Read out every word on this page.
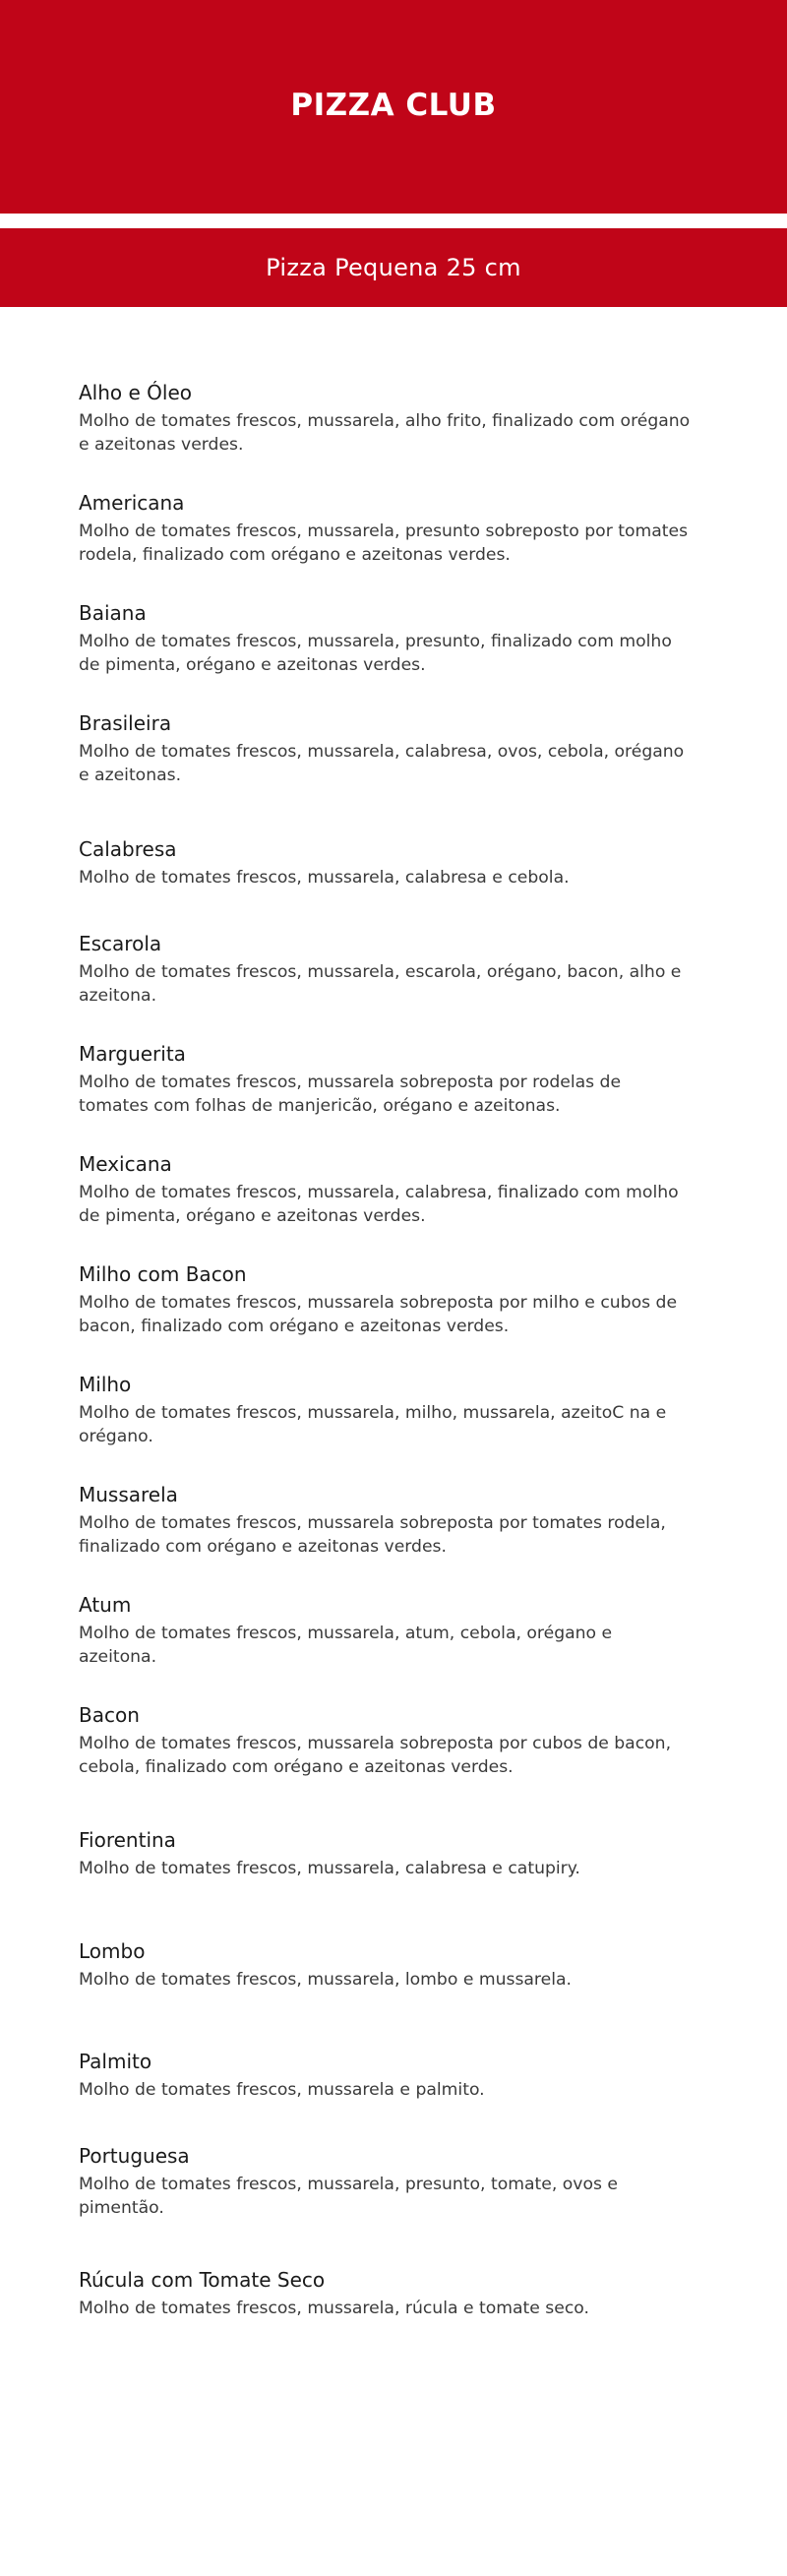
PIZZA CLUB
Pizza Pequena 25 cm
Alho e Óleo
Molho de tomates frescos, mussarela, alho frito, finalizado com orégano e azeitonas verdes.
Americana
Molho de tomates frescos, mussarela, presunto sobreposto por tomates rodela, finalizado com orégano e azeitonas verdes.
Baiana
Molho de tomates frescos, mussarela, presunto, finalizado com molho de pimenta, orégano e azeitonas verdes.
Brasileira
Molho de tomates frescos, mussarela, calabresa, ovos, cebola, orégano e azeitonas.
Calabresa
Molho de tomates frescos, mussarela, calabresa e cebola.
Escarola
Molho de tomates frescos, mussarela, escarola, orégano, bacon, alho e azeitona.
Marguerita
Molho de tomates frescos, mussarela sobreposta por rodelas de tomates com folhas de manjericão, orégano e azeitonas.
Mexicana
Molho de tomates frescos, mussarela, calabresa, finalizado com molho de pimenta, orégano e azeitonas verdes.
Milho com Bacon
Molho de tomates frescos, mussarela sobreposta por milho e cubos de bacon, finalizado com orégano e azeitonas verdes.
Milho
Molho de tomates frescos, mussarela, milho, mussarela, azeitoC na e orégano.
Mussarela
Molho de tomates frescos, mussarela sobreposta por tomates rodela, finalizado com orégano e azeitonas verdes.
Atum
Molho de tomates frescos, mussarela, atum, cebola, orégano e azeitona.
Bacon
Molho de tomates frescos, mussarela sobreposta por cubos de bacon, cebola, finalizado com orégano e azeitonas verdes.
Fiorentina
Molho de tomates frescos, mussarela, calabresa e catupiry.
Lombo
Molho de tomates frescos, mussarela, lombo e mussarela.
Palmito
Molho de tomates frescos, mussarela e palmito.
Portuguesa
Molho de tomates frescos, mussarela, presunto, tomate, ovos e pimentão.
Rúcula com Tomate Seco
Molho de tomates frescos, mussarela, rúcula e tomate seco.
